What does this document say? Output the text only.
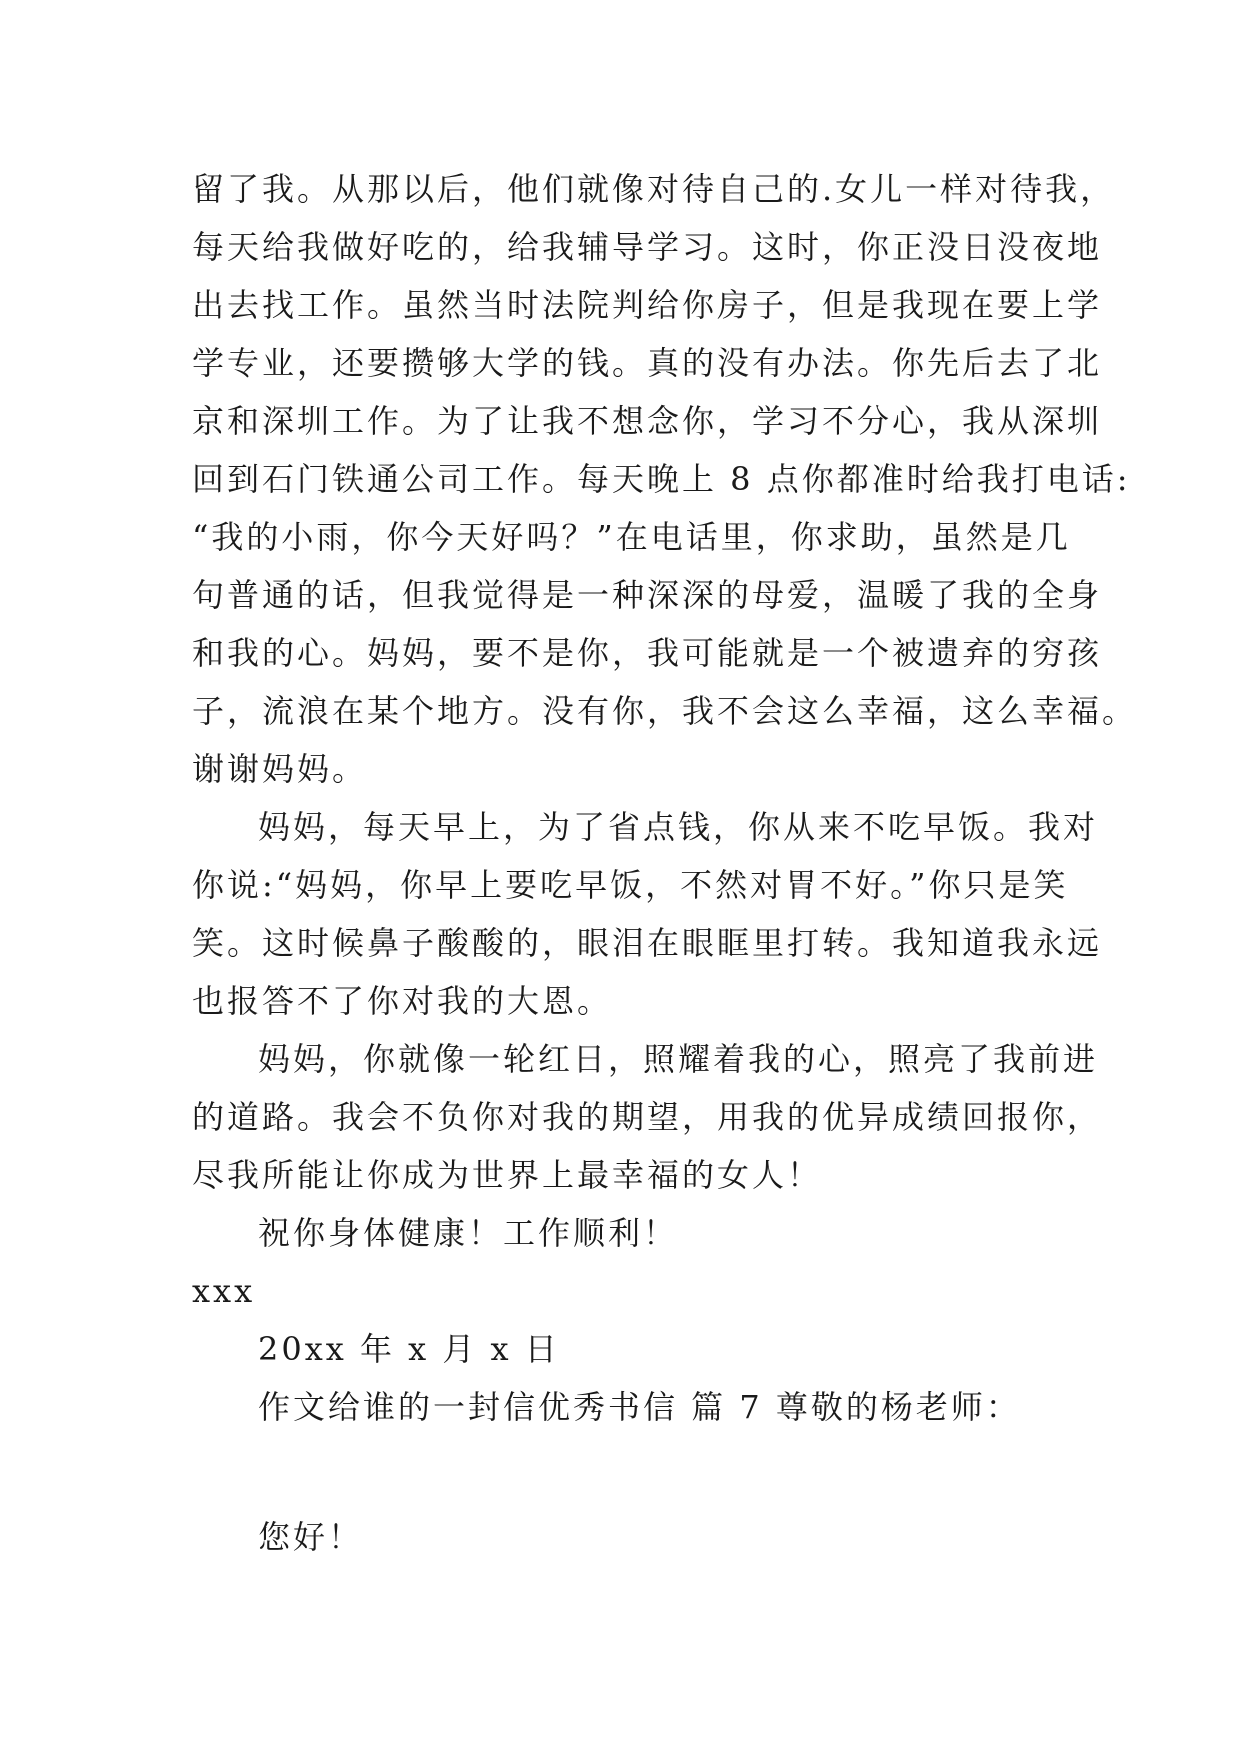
留了我。从那以后，他们就像对待自己的.女儿一样对待我，
每天给我做好吃的，给我辅导学习。这时，你正没日没夜地
出去找工作。虽然当时法院判给你房子，但是我现在要上学
学专业，还要攒够大学的钱。真的没有办法。你先后去了北
京和深圳工作。为了让我不想念你，学习不分心，我从深圳
回到石门铁通公司工作。每天晚上 8 点你都准时给我打电话:
“我的小雨，你今天好吗？”在电话里，你求助，虽然是几
句普通的话，但我觉得是一种深深的母爱，温暖了我的全身
和我的心。妈妈，要不是你，我可能就是一个被遗弃的穷孩
子，流浪在某个地方。没有你，我不会这么幸福，这么幸福。
谢谢妈妈。
妈妈，每天早上，为了省点钱，你从来不吃早饭。我对
你说:“妈妈，你早上要吃早饭，不然对胃不好。”你只是笑
笑。这时候鼻子酸酸的，眼泪在眼眶里打转。我知道我永远
也报答不了你对我的大恩。
妈妈，你就像一轮红日，照耀着我的心，照亮了我前进
的道路。我会不负你对我的期望，用我的优异成绩回报你，
尽我所能让你成为世界上最幸福的女人！
祝你身体健康！工作顺利！
xxx
20xx 年 x 月 x 日
作文给谁的一封信优秀书信 篇 7 尊敬的杨老师：
您好！
